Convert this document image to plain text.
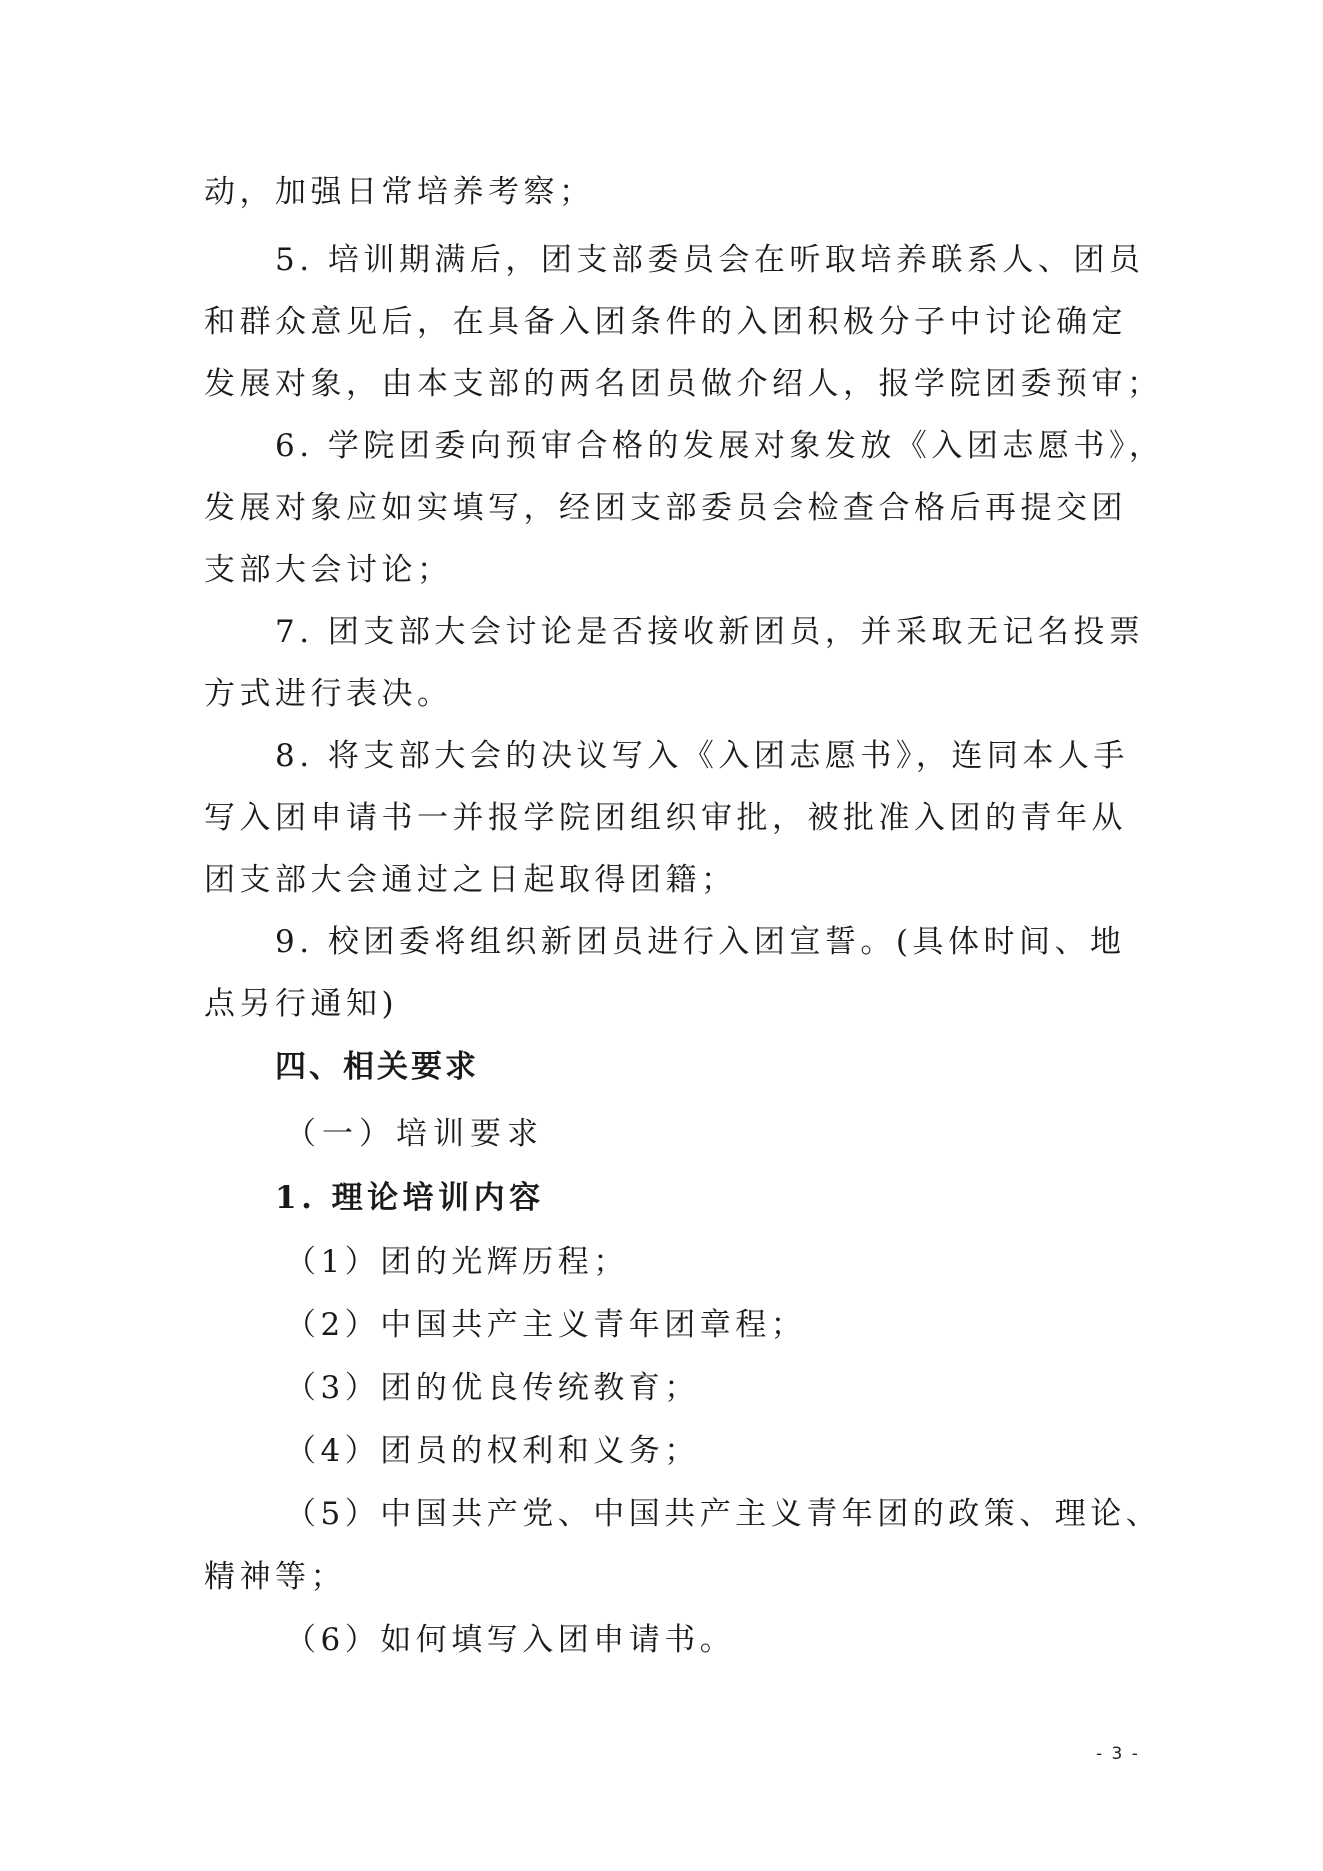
动，加强日常培养考察；
5. 培训期满后，团支部委员会在听取培养联系人、团员
和群众意见后，在具备入团条件的入团积极分子中讨论确定
发展对象，由本支部的两名团员做介绍人，报学院团委预审；
6. 学院团委向预审合格的发展对象发放《入团志愿书》，
发展对象应如实填写，经团支部委员会检查合格后再提交团
支部大会讨论；
7. 团支部大会讨论是否接收新团员，并采取无记名投票
方式进行表决。
8. 将支部大会的决议写入《入团志愿书》，连同本人手
写入团申请书一并报学院团组织审批，被批准入团的青年从
团支部大会通过之日起取得团籍；
9. 校团委将组织新团员进行入团宣誓。(具体时间、地
点另行通知)
四、相关要求
（一）培训要求
1. 理论培训内容
（1）团的光辉历程；
（2）中国共产主义青年团章程；
（3）团的优良传统教育；
（4）团员的权利和义务；
（5）中国共产党、中国共产主义青年团的政策、理论、
精神等；
（6）如何填写入团申请书。
- 3 -
